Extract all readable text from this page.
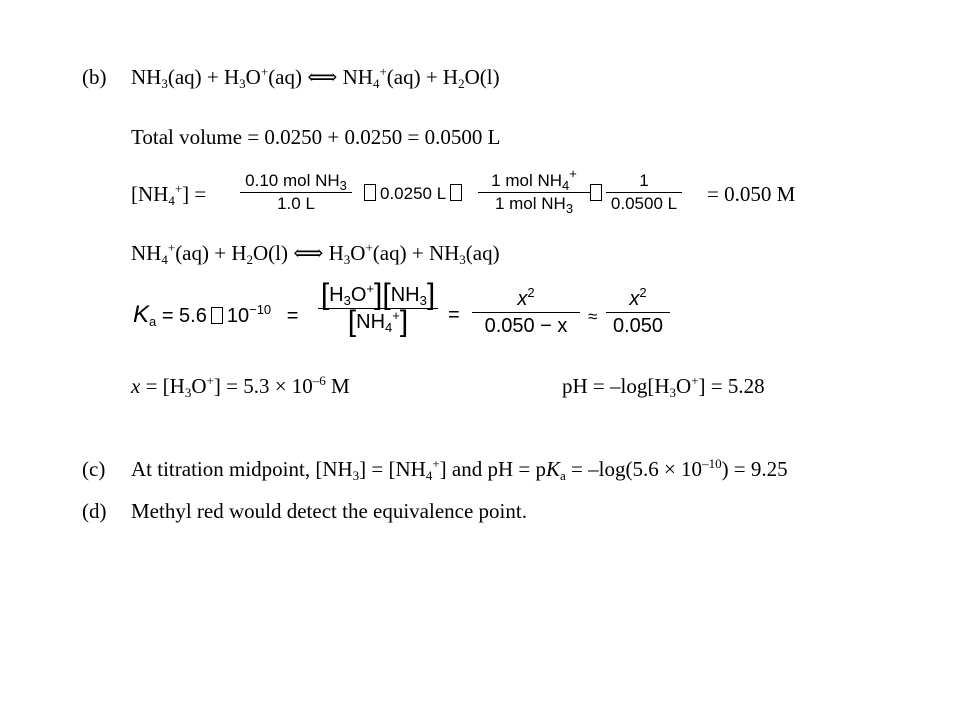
(b) $NH_3(aq) + H_3O^+(aq)$ ⟺ $NH_4^+(aq) + H_2O(l)$
Total volume = 0.0250 + 0.0250 = 0.0500 L
$[NH_4^+]$ =
0.10 mol $NH_3$
1.0 L
0.0250 L
1 mol $NH_4^+$
1 mol $NH_3$
1
0.0500 L = 0.050 M
$NH_4^+(aq) + H_2O(l)$ ⟺ $H_3O^+(aq) + NH_3(aq)$
$K_a = 5.6$ $10^{-10}$ =
$[H_3O^+][NH_3]$
$[NH_4^+]$ =
$x^2$
0.050 − x ≈
$x^2$
0.050
$x = [H_3O^+] = 5.3 \times 10^{-6}$ M	pH = $-\log[H_3O^+] = 5.28$
(c) At titration midpoint, $[NH_3] = [NH_4^+]$ and pH = $pK_a = -\log(5.6 \times 10^{-10}) = 9.25$
(d) Methyl red would detect the equivalence point.
